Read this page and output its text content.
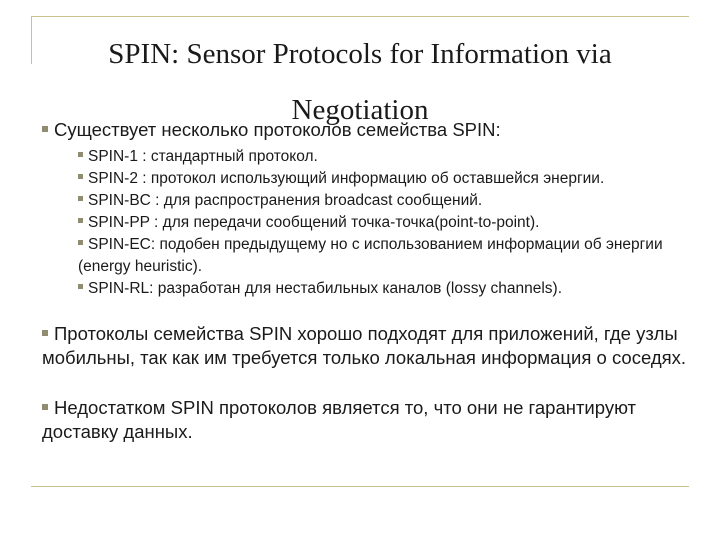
SPIN: Sensor Protocols for Information via Negotiation

Существует несколько протоколов семейства SPIN:

SPIN-1 : стандартный протокол.
SPIN-2 : протокол использующий информацию об оставшейся энергии.
SPIN-BC : для распространения broadcast сообщений.
SPIN-PP : для передачи сообщений точка-точка(point-to-point).
SPIN-EC: подобен предыдущему но с использованием информации об энергии (energy heuristic).
SPIN-RL: разработан для нестабильных каналов (lossy channels).

Протоколы семейства SPIN хорошо подходят для приложений, где узлы мобильны, так как им требуется только локальная информация о соседях.

Недостатком SPIN протоколов является то, что они не гарантируют доставку данных.
